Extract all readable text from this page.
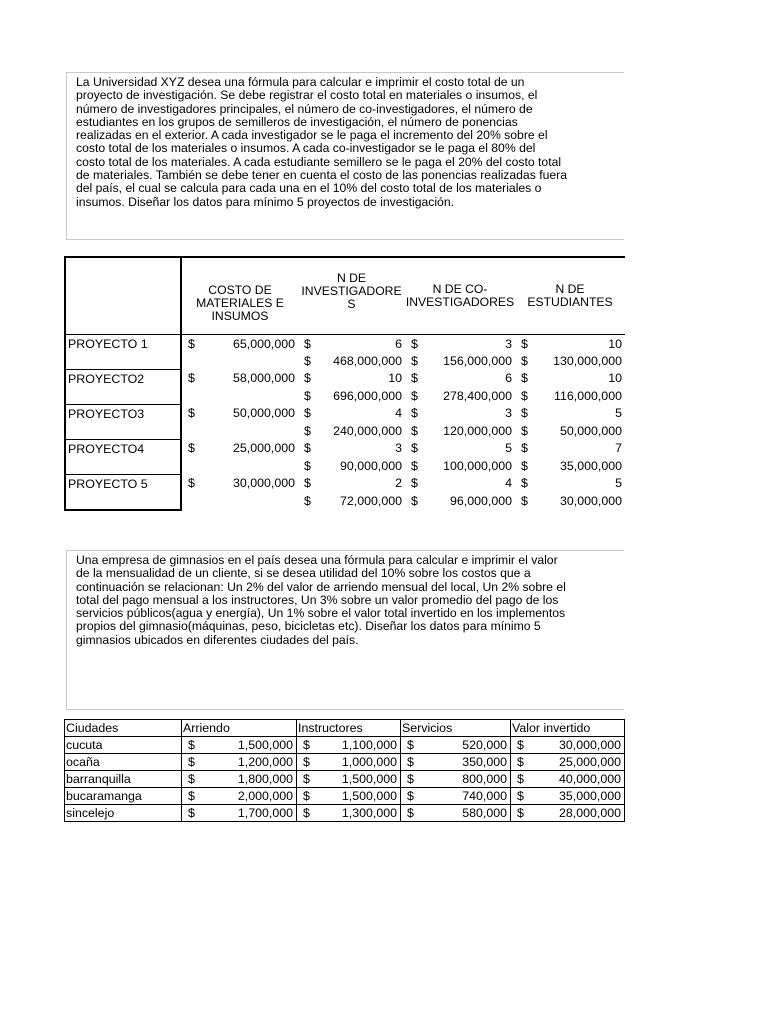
La Universidad XYZ desea una fórmula para calcular e imprimir el costo total de un
proyecto de investigación. Se debe registrar el costo total en materiales o insumos, el
número de investigadores principales, el número de co-investigadores, el número de
estudiantes en los grupos de semilleros de investigación, el número de ponencias
realizadas en el exterior. A cada investigador se le paga el incremento del 20% sobre el
costo total de los materiales o insumos. A cada co-investigador se le paga el 80% del
costo total de los materiales. A cada estudiante semillero se le paga el 20% del costo total
de materiales. También se debe tener en cuenta el costo de las ponencias realizadas fuera
del país, el cual se calcula para cada una en el 10% del costo total de los materiales o
insumos. Diseñar los datos para mínimo 5 proyectos de investigación.
	COSTO DE MATERIALES E INSUMOS	N DE INVESTIGADORE S	N DE CO-INVESTIGADORES	N DE ESTUDIANTES
PROYECTO 1	$ 65,000,000	$ 6	$ 3	$ 10

		$ 468,000,000	$ 156,000,000	$ 130,000,000

PROYECTO2	$ 58,000,000	$ 10	$ 6	$ 10

		$ 696,000,000	$ 278,400,000	$ 116,000,000

PROYECTO3	$ 50,000,000	$ 4	$ 3	$ 5

		$ 240,000,000	$ 120,000,000	$ 50,000,000

PROYECTO4	$ 25,000,000	$ 3	$ 5	$ 7

		$ 90,000,000	$ 100,000,000	$ 35,000,000

PROYECTO 5	$ 30,000,000	$ 2	$ 4	$ 5

		$ 72,000,000	$ 96,000,000	$ 30,000,000
Una empresa de gimnasios en el país desea una fórmula para calcular e imprimir el valor
de la mensualidad de un cliente, si se desea utilidad del 10% sobre los costos que a
continuación se relacionan: Un 2% del valor de arriendo mensual del local, Un 2% sobre el
total del pago mensual a los instructores, Un 3% sobre un valor promedio del pago de los
servicios públicos(agua y energía), Un 1% sobre el valor total invertido en los implementos
propios del gimnasio(máquinas, peso, bicicletas etc). Diseñar los datos para mínimo 5
gimnasios ubicados en diferentes ciudades del país.
Ciudades	Arriendo	Instructores	Servicios	Valor invertido
cucuta	$ 1,500,000	$ 1,100,000	$ 520,000	$ 30,000,000

ocaña	$ 1,200,000	$ 1,000,000	$ 350,000	$ 25,000,000

barranquilla	$ 1,800,000	$ 1,500,000	$ 800,000	$ 40,000,000

bucaramanga	$ 2,000,000	$ 1,500,000	$ 740,000	$ 35,000,000

sincelejo	$ 1,700,000	$ 1,300,000	$ 580,000	$ 28,000,000
